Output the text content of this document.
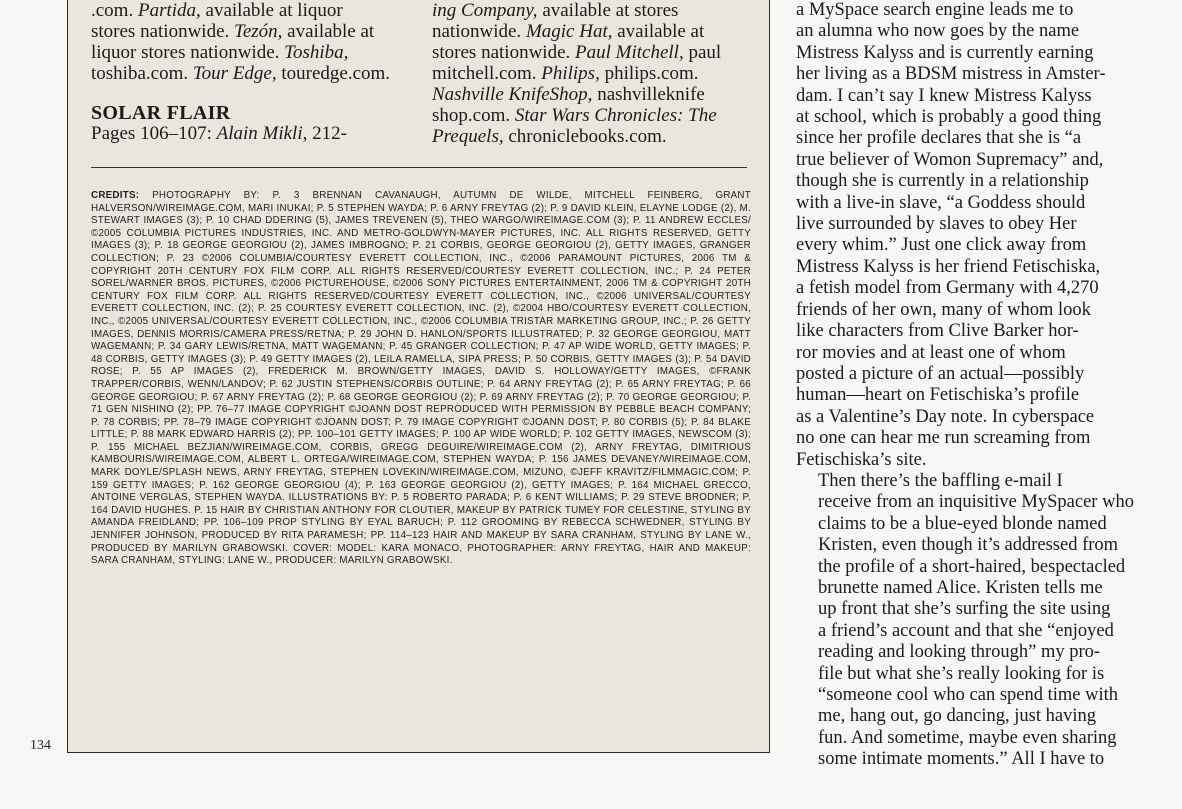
.com. Partida, available at liquor
stores nationwide. Tezón, available at
liquor stores nationwide. Toshiba,
toshiba.com. Tour Edge, touredge.com.
SOLAR FLAIR
Pages 106–107: Alain Mikli, 212-
ing Company, available at stores
nationwide. Magic Hat, available at
stores nationwide. Paul Mitchell, paul
mitchell.com. Philips, philips.com.
Nashville KnifeShop, nashvilleknife
shop.com. Star Wars Chronicles: The
Prequels, chroniclebooks.com.
CREDITS: PHOTOGRAPHY BY: P. 3 BRENNAN CAVANAUGH, AUTUMN DE WILDE, MITCHELL FEINBERG, GRANT HALVERSON/WIREIMAGE.COM, MARI INUKAI; P. 5 STEPHEN WAYDA; P. 6 ARNY FREYTAG (2); P. 9 DAVID KLEIN, ELAYNE LODGE (2), M. STEWART IMAGES (3); P. 10 CHAD DDERING (5), JAMES TREVENEN (5), THEO WARGO/WIREIMAGE.COM (3); P. 11 ANDREW ECCLES/©2005 COLUMBIA PICTURES INDUSTRIES, INC. AND METRO-GOLDWYN-MAYER PICTURES, INC. ALL RIGHTS RESERVED, GETTY IMAGES (3); P. 18 GEORGE GEORGIOU (2), JAMES IMBROGNO; P. 21 CORBIS, GEORGE GEORGIOU (2), GETTY IMAGES, GRANGER COLLECTION; P. 23 ©2006 COLUMBIA/COURTESY EVERETT COLLECTION, INC., ©2006 PARAMOUNT PICTURES, 2006 TM & COPYRIGHT 20TH CENTURY FOX FILM CORP. ALL RIGHTS RESERVED/COURTESY EVERETT COLLECTION, INC.; P. 24 PETER SOREL/WARNER BROS. PICTURES, ©2006 PICTUREHOUSE, ©2006 SONY PICTURES ENTERTAINMENT, 2006 TM & COPYRIGHT 20TH CENTURY FOX FILM CORP. ALL RIGHTS RESERVED/COURTESY EVERETT COLLECTION, INC., ©2006 UNIVERSAL/COURTESY EVERETT COLLECTION, INC. (2); P. 25 COURTESY EVERETT COLLECTION, INC. (2), ©2004 HBO/COURTESY EVERETT COLLECTION, INC., ©2005 UNIVERSAL/COURTESY EVERETT COLLECTION, INC., ©2006 COLUMBIA TRISTAR MARKETING GROUP, INC.; P. 26 GETTY IMAGES, DENNIS MORRIS/CAMERA PRESS/RETNA; P. 29 JOHN D. HANLON/SPORTS ILLUSTRATED; P. 32 GEORGE GEORGIOU, MATT WAGEMANN; P. 34 GARY LEWIS/RETNA, MATT WAGEMANN; P. 45 GRANGER COLLECTION; P. 47 AP WIDE WORLD, GETTY IMAGES; P. 48 CORBIS, GETTY IMAGES (3); P. 49 GETTY IMAGES (2), LEILA RAMELLA, SIPA PRESS; P. 50 CORBIS, GETTY IMAGES (3); P. 54 DAVID ROSE; P. 55 AP IMAGES (2), FREDERICK M. BROWN/GETTY IMAGES, DAVID S. HOLLOWAY/GETTY IMAGES, ©FRANK TRAPPER/CORBIS, WENN/LANDOV; P. 62 JUSTIN STEPHENS/CORBIS OUTLINE; P. 64 ARNY FREYTAG (2); P. 65 ARNY FREYTAG; P. 66 GEORGE GEORGIOU; P. 67 ARNY FREYTAG (2); P. 68 GEORGE GEORGIOU (2); P. 69 ARNY FREYTAG (2); P. 70 GEORGE GEORGIOU; P. 71 GEN NISHINO (2); PP. 76–77 IMAGE COPYRIGHT ©JOANN DOST REPRODUCED WITH PERMISSION BY PEBBLE BEACH COMPANY; P. 78 CORBIS; PP. 78–79 IMAGE COPYRIGHT ©JOANN DOST; P. 79 IMAGE COPYRIGHT ©JOANN DOST; P. 80 CORBIS (5); P. 84 BLAKE LITTLE; P. 88 MARK EDWARD HARRIS (2); PP. 100–101 GETTY IMAGES; P. 100 AP WIDE WORLD; P. 102 GETTY IMAGES, NEWSCOM (3); P. 155 MICHAEL BEZJIAN/WIREIMAGE.COM, CORBIS, GREGG DEGUIRE/WIREIMAGE.COM (2), ARNY FREYTAG, DIMITRIOUS KAMBOURIS/WIREIMAGE.COM, ALBERT L. ORTEGA/WIREIMAGE.COM, STEPHEN WAYDA; P. 156 JAMES DEVANEY/WIREIMAGE.COM, MARK DOYLE/SPLASH NEWS, ARNY FREYTAG, STEPHEN LOVEKIN/WIREIMAGE.COM, MIZUNO, ©JEFF KRAVITZ/FILMMAGIC.COM; P. 159 GETTY IMAGES; P. 162 GEORGE GEORGIOU (4); P. 163 GEORGE GEORGIOU (2), GETTY IMAGES; P. 164 MICHAEL GRECCO, ANTOINE VERGLAS, STEPHEN WAYDA. ILLUSTRATIONS BY: P. 5 ROBERTO PARADA; P. 6 KENT WILLIAMS; P. 29 STEVE BRODNER; P. 164 DAVID HUGHES. P. 15 HAIR BY CHRISTIAN ANTHONY FOR CLOUTIER, MAKEUP BY PATRICK TUMEY FOR CELESTINE, STYLING BY AMANDA FREIDLAND; PP. 106–109 PROP STYLING BY EYAL BARUCH; P. 112 GROOMING BY REBECCA SCHWEDNER, STYLING BY JENNIFER JOHNSON, PRODUCED BY RITA PARAMESH; PP. 114–123 HAIR AND MAKEUP BY SARA CRANHAM, STYLING BY LANE W., PRODUCED BY MARILYN GRABOWSKI. COVER: MODEL: KARA MONACO, PHOTOGRAPHER: ARNY FREYTAG, HAIR AND MAKEUP: SARA CRANHAM, STYLING: LANE W., PRODUCER: MARILYN GRABOWSKI.
134

a MySpace search engine leads me to
an alumna who now goes by the name
Mistress Kalyss and is currently earning
her living as a BDSM mistress in Amster-
dam. I can’t say I knew Mistress Kalyss
at school, which is probably a good thing
since her profile declares that she is “a
true believer of Womon Supremacy” and,
though she is currently in a relationship
with a live-in slave, “a Goddess should
live surrounded by slaves to obey Her
every whim.” Just one click away from
Mistress Kalyss is her friend Fetischiska,
a fetish model from Germany with 4,270
friends of her own, many of whom look
like characters from Clive Barker hor-
ror movies and at least one of whom
posted a picture of an actual—possibly
human—heart on Fetischiska’s profile
as a Valentine’s Day note. In cyberspace
no one can hear me run screaming from
Fetischiska’s site.

Then there’s the baffling e-mail I
receive from an inquisitive MySpacer who
claims to be a blue-eyed blonde named
Kristen, even though it’s addressed from
the profile of a short-haired, bespectacled
brunette named Alice. Kristen tells me
up front that she’s surfing the site using
a friend’s account and that she “enjoyed
reading and looking through” my pro-
file but what she’s really looking for is
“someone cool who can spend time with
me, hang out, go dancing, just having
fun. And sometime, maybe even sharing
some intimate moments.” All I have to
